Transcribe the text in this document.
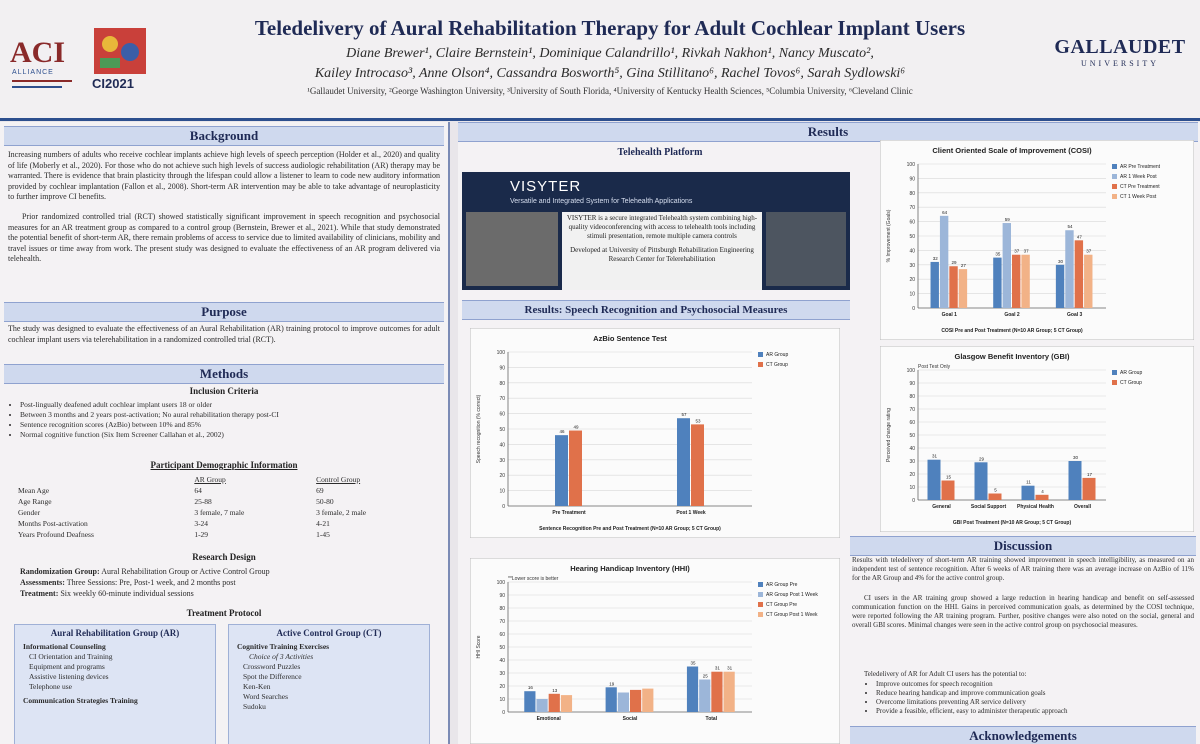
ACI
ALLIANCE
CI2021
Teledelivery of Aural Rehabilitation Therapy for Adult Cochlear Implant Users
Diane Brewer¹, Claire Bernstein¹, Dominique Calandrillo¹, Rivkah Nakhon¹, Nancy Muscato²,
Kailey Introcaso³, Anne Olson⁴, Cassandra Bosworth⁵, Gina Stillitano⁶, Rachel Tovos⁶, Sarah Sydlowski⁶
¹Gallaudet University, ²George Washington University, ³University of South Florida, ⁴University of Kentucky Health Sciences, ⁵Columbia University, ⁶Cleveland Clinic
GALLAUDET
UNIVERSITY
Background
Increasing numbers of adults who receive cochlear implants achieve high levels of speech perception (Holder et al., 2020) and quality of life (Moberly et al., 2020). For those who do not achieve such high levels of success audiologic rehabilitation (AR) therapy may be warranted. There is evidence that brain plasticity through the lifespan could allow a listener to learn to code new auditory information provided by cochlear implantation (Fallon et al., 2008). Short-term AR intervention may be able to take advantage of neuroplasticity to further improve CI benefits.
Prior randomized controlled trial (RCT) showed statistically significant improvement in speech recognition and psychosocial measures for an AR treatment group as compared to a control group (Bernstein, Brewer et al., 2021). While that study demonstrated the potential benefit of short-term AR, there remain problems of access to service due to limited availability of clinicians, mobility and travel issues or time away from work. The present study was designed to evaluate the effectiveness of an AR program delivered via telehealth.
Purpose
The study was designed to evaluate the effectiveness of an Aural Rehabilitation (AR) training protocol to improve outcomes for adult cochlear implant users via telerehabilitation in a randomized controlled trial (RCT).
Methods
Inclusion Criteria
• Post-lingually deafened adult cochlear implant users 18 or older
• Between 3 months and 2 years post-activation; No aural rehabilitation therapy post-CI
• Sentence recognition scores (AzBio) between 10% and 85%
• Normal cognitive function (Six Item Screener Callahan et al., 2002)
Participant Demographic Information
	AR Group	Control Group
Mean Age	64	69
Age Range	25-88	50-80
Gender	3 female, 7 male	3 female, 2 male
Months Post-activation	3-24	4-21
Years Profound Deafness	1-29	1-45
Research Design
Randomization Group: Aural Rehabilitation Group or Active Control Group
Assessments: Three Sessions: Pre, Post-1 week, and 2 months post
Treatment: Six weekly 60-minute individual sessions
Treatment Protocol
Aural Rehabilitation Group (AR)
Informational Counseling
CI Orientation and Training
Equipment and programs
Assistive listening devices
Telephone use
Communication Strategies Training
Active Control Group (CT)
Cognitive Training Exercises
Choice of 3 Activities
Crossword Puzzles
Spot the Difference
Ken-Ken
Word Searches
Sudoku
Results
Telehealth Platform
VISYTER
Versatile and Integrated System for Telehealth Applications
VISYTER is a secure integrated Telehealth system combining high-quality videoconferencing with access to telehealth tools including stimuli presentation, remote multiple camera controls
Developed at University of Pittsburgh Rehabilitation Engineering Research Center for Telerehabilitation
Results: Speech Recognition and Psychosocial Measures
AzBio Sentence Test
0
10
20
30
40
50
60
70
80
90
100
Speech recognition (% correct)	46
49
Pre Treatment
57
53
Post 1 Week
Sentence Recognition Pre and Post Treatment (N=10 AR Group; 5 CT Group)
AR Group
CT Group
Hearing Handicap Inventory (HHI)
**Lower score is better
0
10
20
30
40
50
60
70
80
90
100
HHI Score
16
13
Emotional
19
Social
35
25
31 31
Total
AR Group Pre
AR Group Post 1 Week
CT Group Pre
CT Group Post 1 Week
Client Oriented Scale of Improvement (COSI)
0
10
20
30
40
50
60
70
80
90
100
% Improvement (Goals)	32
64
29
27
Goal 1
35
59
37 37
Goal 2
30
54
47
37
Goal 3
COSI Pre and Post Treatment (N=10 AR Group; 5 CT Group)
AR Pre Treatment
AR 1 Week Post
CT Pre Treatment
CT 1 Week Post
Glasgow Benefit Inventory (GBI)
Post Test Only
0
10
20
30
40
50
60
70
80
90
100
Perceived change rating	31
15
General
29
5
Social Support
11
4
Physical Health
30
17
Overall
GBI Post Treatment (N=10 AR Group; 5 CT Group)
AR Group
CT Group
Discussion
Results with teledelivery of short-term AR training showed improvement in speech intelligibility, as measured on an independent test of sentence recognition. After 6 weeks of AR training there was an average increase on AzBio of 11% for the AR Group and 4% for the active control group.
CI users in the AR training group showed a large reduction in hearing handicap and benefit on self-assessed communication function on the HHI. Gains in perceived communication goals, as determined by the COSI technique, were reported following the AR training program. Further, positive changes were also noted on the social, general and overall GBI scores. Minimal changes were seen in the active control group on psychosocial measures.
Teledelivery of AR for Adult CI users has the potential to:
• Improve outcomes for speech recognition
• Reduce hearing handicap and improve communication goals
• Overcome limitations preventing AR service delivery
• Provide a feasible, efficient, easy to administer therapeutic approach
Acknowledgements
